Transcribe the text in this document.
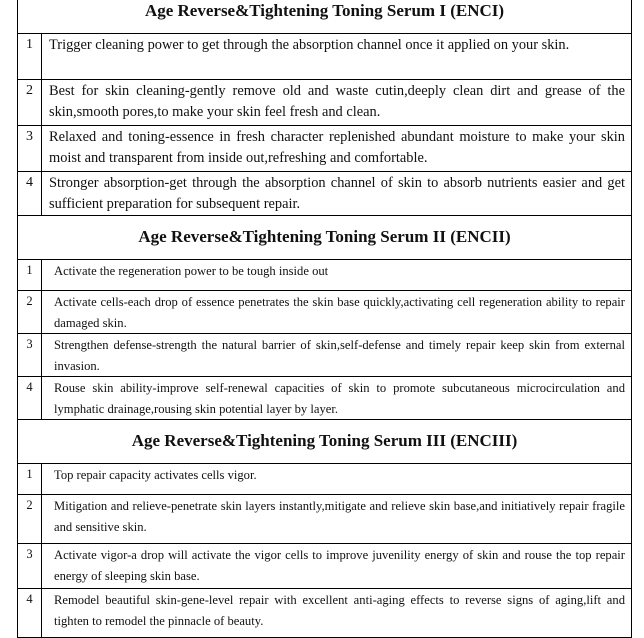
Age Reverse&Tightening Toning Serum I (ENCI)
1	Trigger cleaning power to get through the absorption channel once it applied on your skin.
2	Best for skin cleaning-gently remove old and waste cutin,deeply clean dirt and grease of the skin,smooth pores,to make your skin feel fresh and clean.
3	Relaxed and toning-essence in fresh character replenished abundant moisture to make your skin moist and transparent from inside out,refreshing and comfortable.
4	Stronger absorption-get through the absorption channel of skin to absorb nutrients easier and get sufficient preparation for subsequent repair.
Age Reverse&Tightening Toning Serum II (ENCII)
1	Activate the regeneration power to be tough inside out
2	Activate cells-each drop of essence penetrates the skin base quickly,activating cell regeneration ability to repair damaged skin.
3	Strengthen defense-strength the natural barrier of skin,self-defense and timely repair keep skin from external invasion.
4	Rouse skin ability-improve self-renewal capacities of skin to promote subcutaneous microcirculation and lymphatic drainage,rousing skin potential layer by layer.
Age Reverse&Tightening Toning Serum III (ENCIII)
1	Top repair capacity activates cells vigor.
2	Mitigation and relieve-penetrate skin layers instantly,mitigate and relieve skin base,and initiatively repair fragile and sensitive skin.
3	Activate vigor-a drop will activate the vigor cells to improve juvenility energy of skin and rouse the top repair energy of sleeping skin base.
4	Remodel beautiful skin-gene-level repair with excellent anti-aging effects to reverse signs of aging,lift and tighten to remodel the pinnacle of beauty.
